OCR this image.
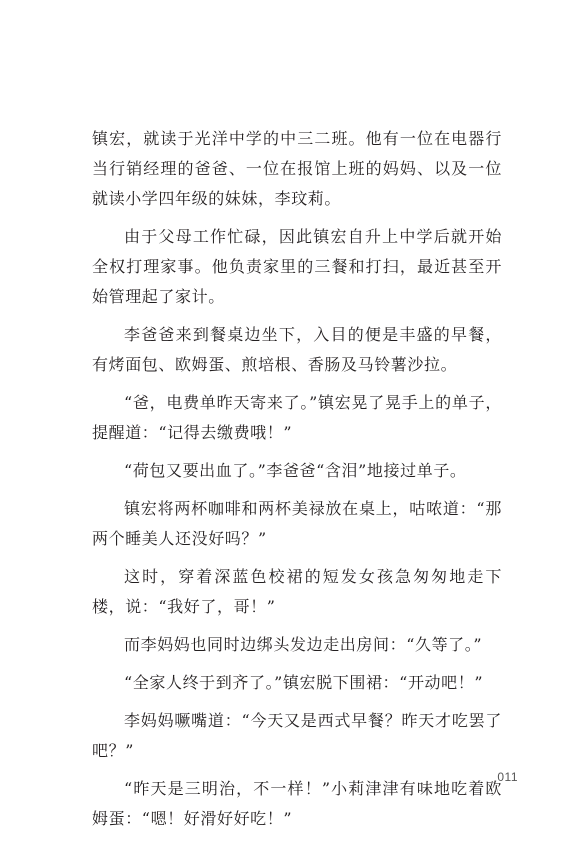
镇宏，就读于光洋中学的中三二班。他有一位在电器行当行销经理的爸爸、一位在报馆上班的妈妈、以及一位就读小学四年级的妹妹，李玟莉。

由于父母工作忙碌，因此镇宏自升上中学后就开始全权打理家事。他负责家里的三餐和打扫，最近甚至开始管理起了家计。

李爸爸来到餐桌边坐下，入目的便是丰盛的早餐，有烤面包、欧姆蛋、煎培根、香肠及马铃薯沙拉。

“爸，电费单昨天寄来了。”镇宏晃了晃手上的单子，提醒道：“记得去缴费哦！”

“荷包又要出血了。”李爸爸“含泪”地接过单子。

镇宏将两杯咖啡和两杯美禄放在桌上，咕哝道：“那两个睡美人还没好吗？”

这时，穿着深蓝色校裙的短发女孩急匆匆地走下楼，说：“我好了，哥！”

而李妈妈也同时边绑头发边走出房间：“久等了。”

“全家人终于到齐了。”镇宏脱下围裙：“开动吧！”

李妈妈噘嘴道：“今天又是西式早餐？昨天才吃罢了吧？”

“昨天是三明治，不一样！”小莉津津有味地吃着欧姆蛋：“嗯！好滑好好吃！”

011
